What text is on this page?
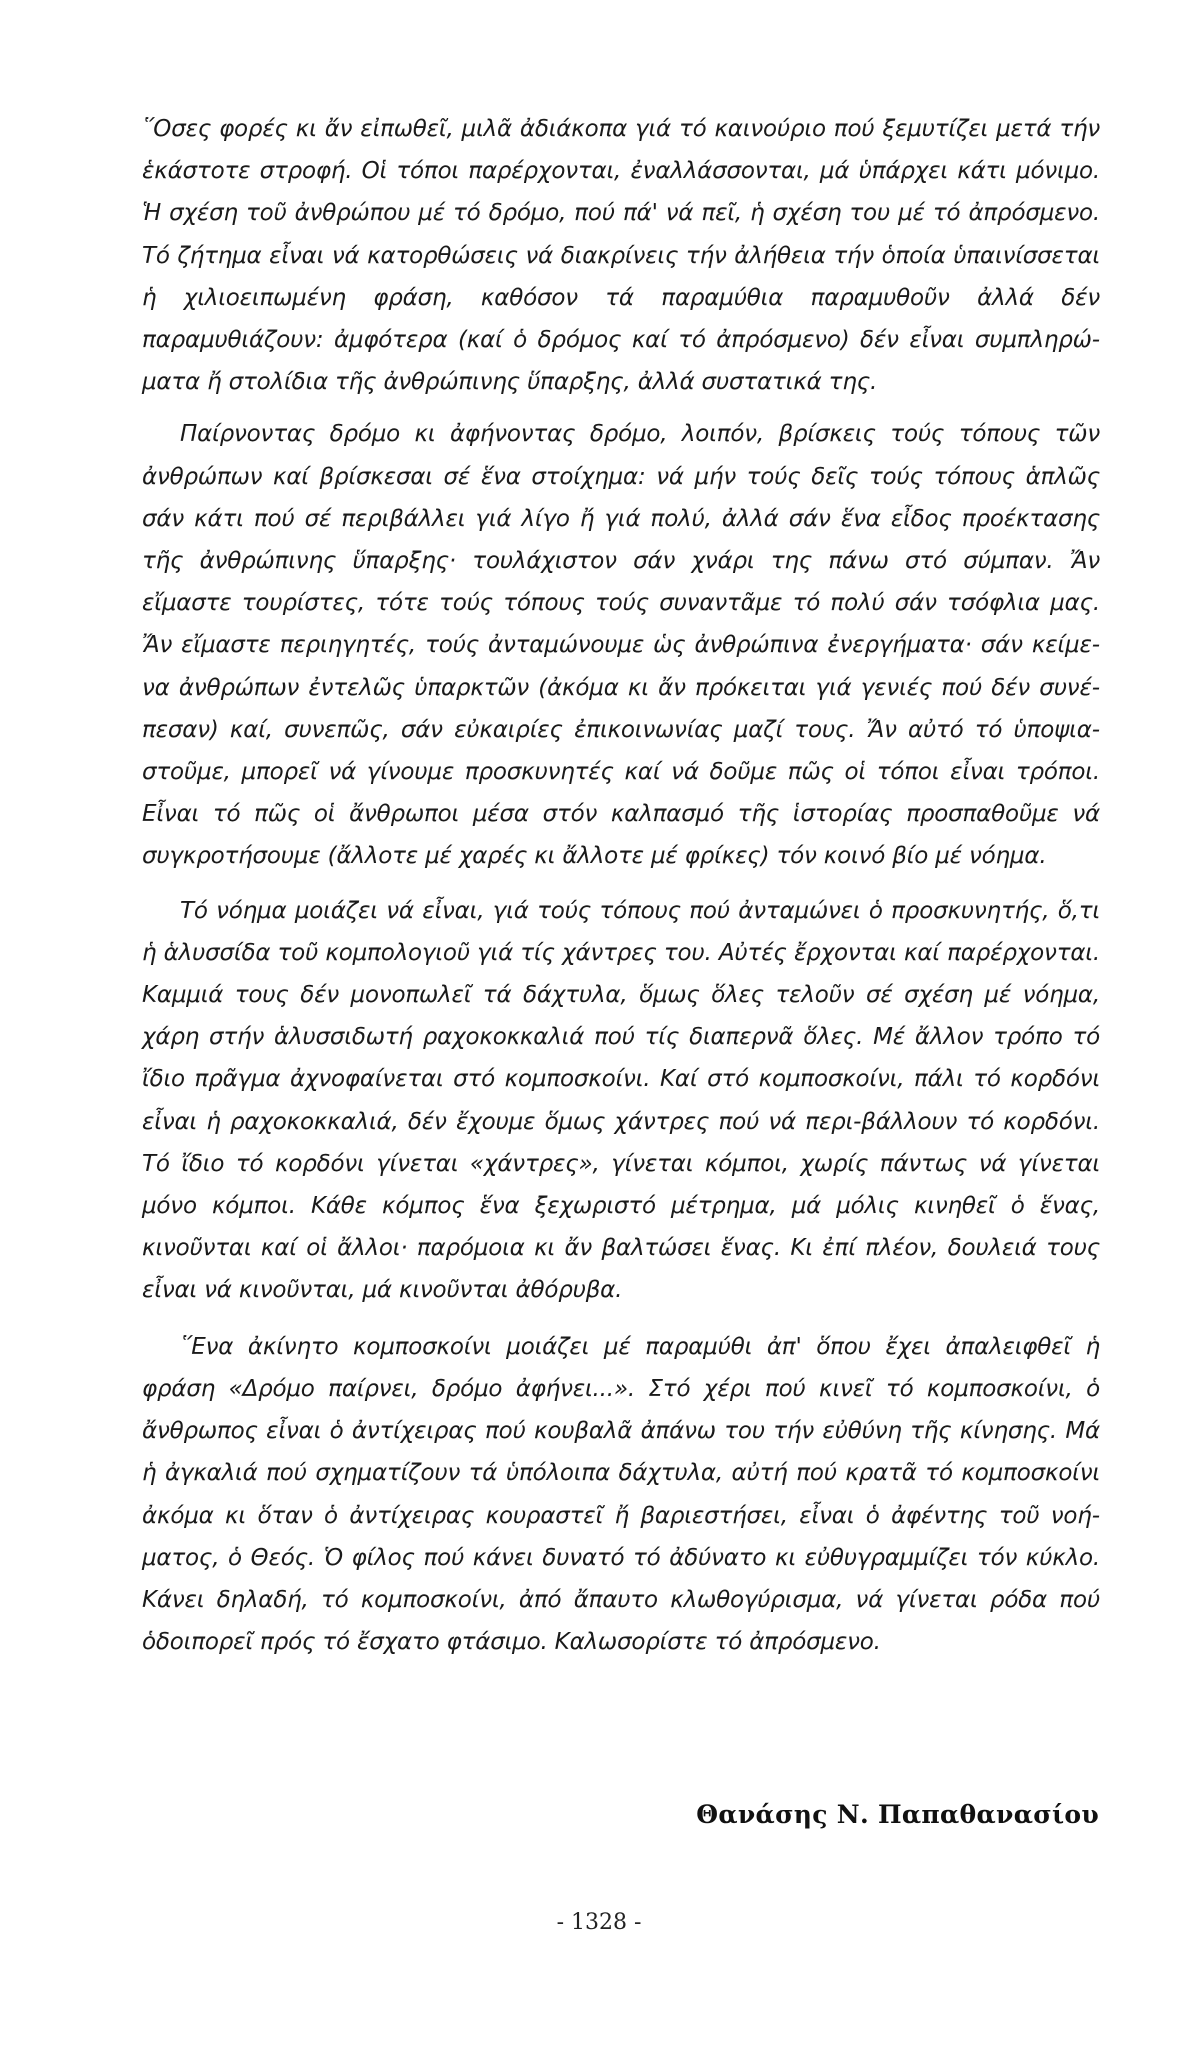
῞Οσες φορές κι ἄν εἰπωθεῖ, μιλᾶ ἀδιάκοπα γιά τό καινούριο πού ξεμυτίζει μετά τήν ἑκάστοτε στροφή. Οἱ τόποι παρέρχονται, ἐναλλάσσονται, μά ὑπάρχει κάτι μόνιμο. Ἡ σχέση τοῦ ἀνθρώπου μέ τό δρόμο, πού πά' νά πεῖ, ἡ σχέση του μέ τό ἀπρόσμενο. Τό ζήτημα εἶναι νά κατορθώσεις νά διακρίνεις τήν ἀλήθεια τήν ὁποία ὑπαινίσσεται ἡ χιλιοειπωμένη φράση, καθόσον τά παραμύθια παραμυθοῦν ἀλλά δέν παραμυθιάζουν: ἀμφότερα (καί ὁ δρόμος καί τό ἀπρόσμενο) δέν εἶναι συμπληρώματα ἤ στολίδια τῆς ἀνθρώπινης ὕπαρξης, ἀλλά συστατικά της.

Παίρνοντας δρόμο κι ἀφήνοντας δρόμο, λοιπόν, βρίσκεις τούς τόπους τῶν ἀνθρώπων καί βρίσκεσαι σέ ἕνα στοίχημα: νά μήν τούς δεῖς τούς τόπους ἁπλῶς σάν κάτι πού σέ περιβάλλει γιά λίγο ἤ γιά πολύ, ἀλλά σάν ἕνα εἶδος προέκτασης τῆς ἀνθρώπινης ὕπαρξης· τουλάχιστον σάν χνάρι της πάνω στό σύμπαν. Ἄν εἴμαστε τουρίστες, τότε τούς τόπους τούς συναντᾶμε τό πολύ σάν τσόφλια μας. Ἄν εἴμαστε περιηγητές, τούς ἀνταμώνουμε ὡς ἀνθρώπινα ἐνεργήματα· σάν κείμενα ἀνθρώπων ἐντελῶς ὑπαρκτῶν (ἀκόμα κι ἄν πρόκειται γιά γενιές πού δέν συνέπεσαν) καί, συνεπῶς, σάν εὐκαιρίες ἐπικοινωνίας μαζί τους. Ἄν αὐτό τό ὑποψιαστοῦμε, μπορεῖ νά γίνουμε προσκυνητές καί νά δοῦμε πῶς οἱ τόποι εἶναι τρόποι. Εἶναι τό πῶς οἱ ἄνθρωποι μέσα στόν καλπασμό τῆς ἱστορίας προσπαθοῦμε νά συγκροτήσουμε (ἄλλοτε μέ χαρές κι ἄλλοτε μέ φρίκες) τόν κοινό βίο μέ νόημα.

Τό νόημα μοιάζει νά εἶναι, γιά τούς τόπους πού ἀνταμώνει ὁ προσκυνητής, ὅ,τι ἡ ἁλυσσίδα τοῦ κομπολογιοῦ γιά τίς χάντρες του. Αὐτές ἔρχονται καί παρέρχονται. Καμμιά τους δέν μονοπωλεῖ τά δάχτυλα, ὅμως ὅλες τελοῦν σέ σχέση μέ νόημα, χάρη στήν ἁλυσσιδωτή ραχοκοκκαλιά πού τίς διαπερνᾶ ὅλες. Μέ ἄλλον τρόπο τό ἴδιο πρᾶγμα ἀχνοφαίνεται στό κομποσκοίνι. Καί στό κομποσκοίνι, πάλι τό κορδόνι εἶναι ἡ ραχοκοκκαλιά, δέν ἔχουμε ὅμως χάντρες πού νά περι-βάλλουν τό κορδόνι. Τό ἴδιο τό κορδόνι γίνεται «χάντρες», γίνεται κόμποι, χωρίς πάντως νά γίνεται μόνο κόμποι. Κάθε κόμπος ἕνα ξεχωριστό μέτρημα, μά μόλις κινηθεῖ ὁ ἕνας, κινοῦνται καί οἱ ἄλλοι· παρόμοια κι ἄν βαλτώσει ἕνας. Κι ἐπί πλέον, δουλειά τους εἶναι νά κινοῦνται, μά κινοῦνται ἀθόρυβα.

῞Ενα ἀκίνητο κομποσκοίνι μοιάζει μέ παραμύθι ἀπ' ὅπου ἔχει ἀπαλειφθεῖ ἡ φράση «Δρόμο παίρνει, δρόμο ἀφήνει...». Στό χέρι πού κινεῖ τό κομποσκοίνι, ὁ ἄνθρωπος εἶναι ὁ ἀντίχειρας πού κουβαλᾶ ἀπάνω του τήν εὐθύνη τῆς κίνησης. Μά ἡ ἀγκαλιά πού σχηματίζουν τά ὑπόλοιπα δάχτυλα, αὐτή πού κρατᾶ τό κομποσκοίνι ἀκόμα κι ὅταν ὁ ἀντίχειρας κουραστεῖ ἤ βαριεστήσει, εἶναι ὁ ἀφέντης τοῦ νοήματος, ὁ Θεός. Ὁ φίλος πού κάνει δυνατό τό ἀδύνατο κι εὐθυγραμμίζει τόν κύκλο. Κάνει δηλαδή, τό κομποσκοίνι, ἀπό ἄπαυτο κλωθογύρισμα, νά γίνεται ρόδα πού ὁδοιπορεῖ πρός τό ἔσχατο φτάσιμο. Καλωσορίστε τό ἀπρόσμενο.

Θανάσης Ν. Παπαθανασίου

- 1328 -
